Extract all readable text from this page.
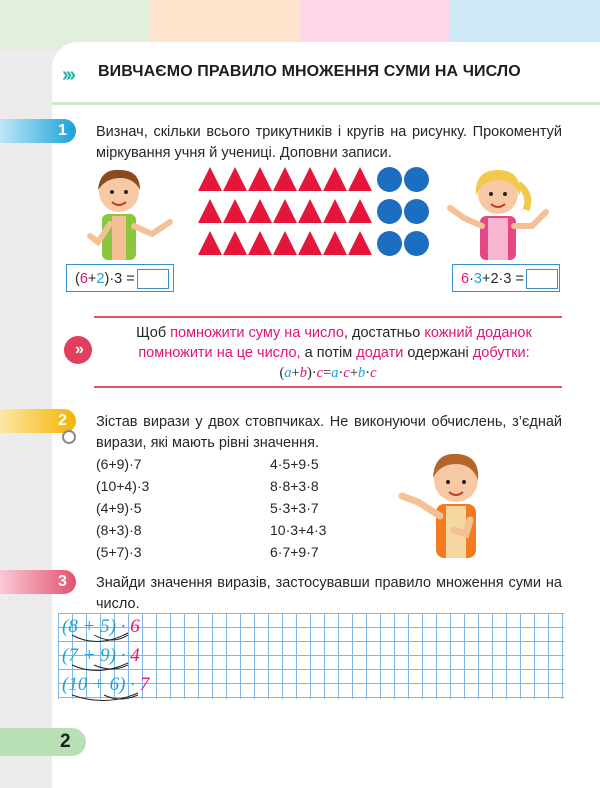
››› ВИВЧАЄМО ПРАВИЛО МНОЖЕННЯ СУМИ НА ЧИСЛО
1 Визнач, скільки всього трикутників і кругів на рисунку. Прокоментуй міркування учня й учениці. Доповни записи.
(6+2)·3 =	6·3+2·3 =
»
Щоб помножити суму на число, достатньо кожний доданок помножити на це число, а потім додати одержані добутки:
(a+b)·c=a·c+b·c
2 Зістав вирази у двох стовпчиках. Не виконуючи обчислень, з’єднай вирази, які мають рівні значення.
(6+9)·7
(10+4)·3
(4+9)·5
(8+3)·8
(5+7)·3
4·5+9·5
8·8+3·8
5·3+3·7
10·3+4·3
6·7+9·7
3 Знайди значення виразів, застосувавши правило множення суми на число.
(8 + 5) · 6
(7 + 9) · 4
(10 + 6) · 7
2
